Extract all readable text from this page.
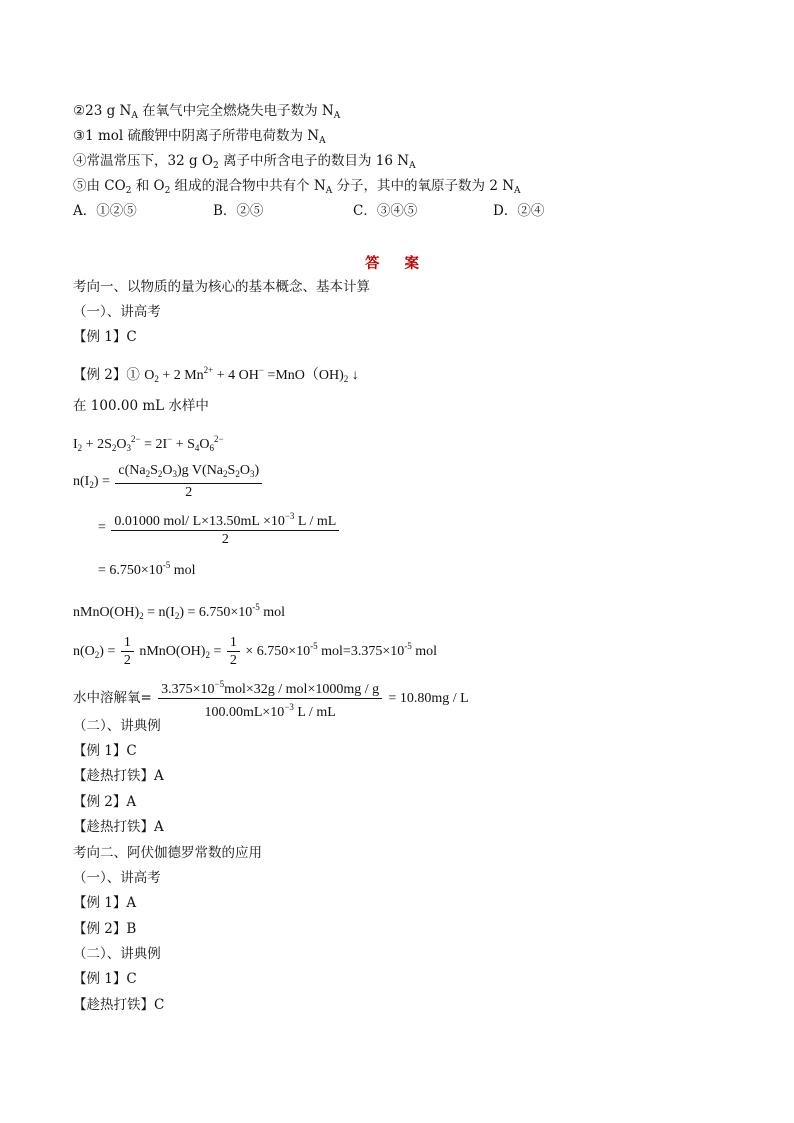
②23 g $N_A$ 在氧气中完全燃烧失电子数为 $N_A$
③1 mol 硫酸钾中阴离子所带电荷数为 $N_A$
④常温常压下，32 g $O_2$ 离子中所含电子的数目为 16 $N_A$
⑤由 $CO_2$ 和 $O_2$ 组成的混合物中共有个 $N_A$ 分子，其中的氧原子数为 2 $N_A$
A．①②⑤	B．②⑤	C．③④⑤	D．②④
答 案
考向一、以物质的量为核心的基本概念、基本计算
（一）、讲高考
【例 1】C
【例 2】① $O_2 + 2$ $Mn^{2+} + 4$ $OH^- =MnO(OH)_2$ ↓
在 100.00 mL 水样中
$I_2 + 2S_2O_3^{2-} = 2I^- + S_4O_6^{2-}$
$n(I_2) = \frac{c(Na_2S_2O_3)g V(Na_2S_2O_3)}{2}$
= $\frac{0.01000 mol/ L\times 13.50mL \times 10^{-3} L / mL}{2}$
= $6.750\times 10^{-5}$ mol
$nMnO(OH)_2 = n(I_2) = 6.750\times 10^{-5}$ mol
$n(O_2) = \frac{1}{2}$ $nMnO(OH)_2 = \frac{1}{2} \times 6.750\times 10^{-5}$ $mol=3.375\times 10^{-5}$ mol
水中溶解氧= $\frac{3.375\times 10^{-5}mol\times 32g / mol\times 1000mg / g}{100.00mL\times 10^{-3} L / mL} = 10.80mg / L$
（二）、讲典例
【例 1】C
【趁热打铁】A
【例 2】A
【趁热打铁】A
考向二、阿伏伽德罗常数的应用
（一）、讲高考
【例 1】A
【例 2】B
（二）、讲典例
【例 1】C
【趁热打铁】C
